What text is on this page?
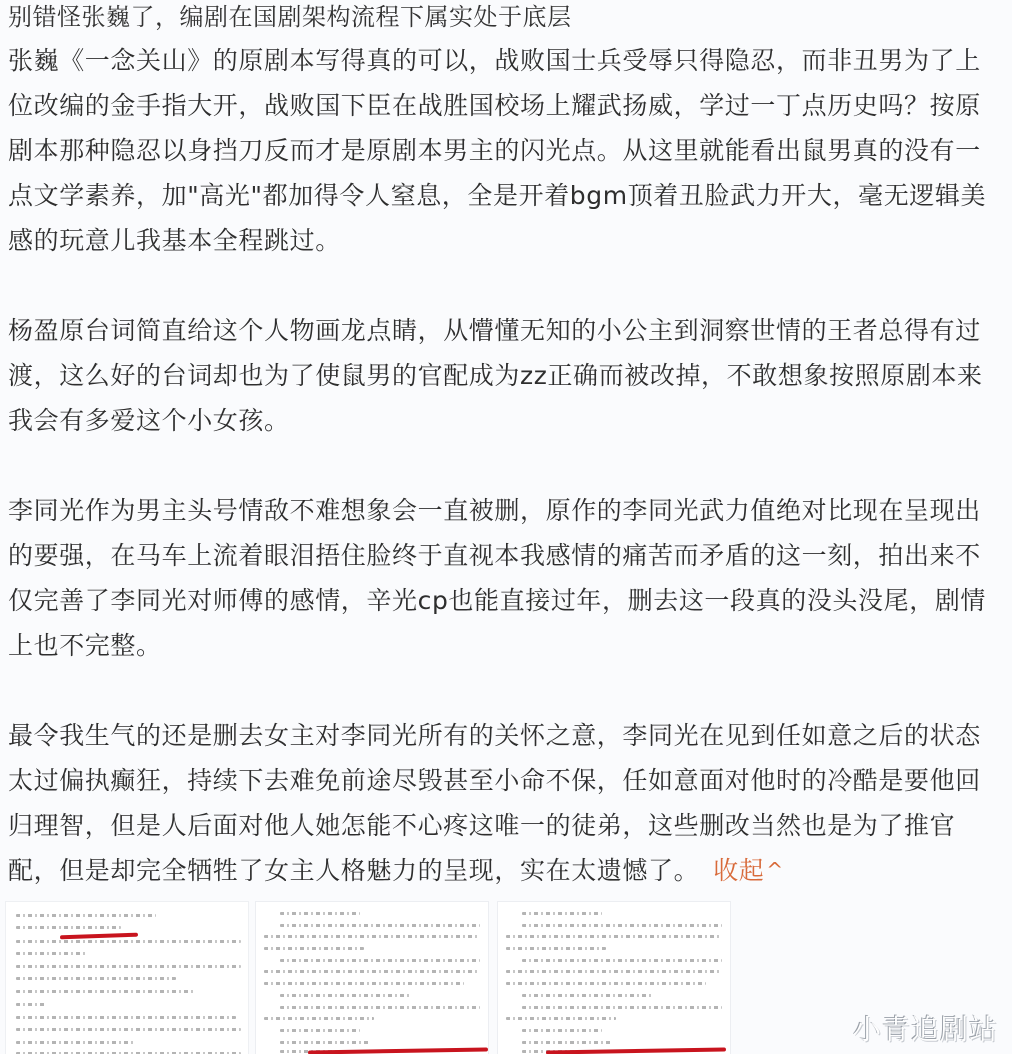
别错怪张巍了，编剧在国剧架构流程下属实处于底层
张巍《一念关山》的原剧本写得真的可以，战败国士兵受辱只得隐忍，而非丑男为了上
位改编的金手指大开，战败国下臣在战胜国校场上耀武扬威，学过一丁点历史吗？按原
剧本那种隐忍以身挡刀反而才是原剧本男主的闪光点。从这里就能看出鼠男真的没有一
点文学素养，加"高光"都加得令人窒息，全是开着bgm顶着丑脸武力开大，毫无逻辑美
感的玩意儿我基本全程跳过。
杨盈原台词简直给这个人物画龙点睛，从懵懂无知的小公主到洞察世情的王者总得有过
渡，这么好的台词却也为了使鼠男的官配成为zz正确而被改掉，不敢想象按照原剧本来
我会有多爱这个小女孩。
李同光作为男主头号情敌不难想象会一直被删，原作的李同光武力值绝对比现在呈现出
的要强，在马车上流着眼泪捂住脸终于直视本我感情的痛苦而矛盾的这一刻，拍出来不
仅完善了李同光对师傅的感情，辛光cp也能直接过年，删去这一段真的没头没尾，剧情
上也不完整。
最令我生气的还是删去女主对李同光所有的关怀之意，李同光在见到任如意之后的状态
太过偏执癫狂，持续下去难免前途尽毁甚至小命不保，任如意面对他时的冷酷是要他回
归理智，但是人后面对他人她怎能不心疼这唯一的徒弟，这些删改当然也是为了推官
配，但是却完全牺牲了女主人格魅力的呈现，实在太遗憾了。 收起 ^
小青追剧站
